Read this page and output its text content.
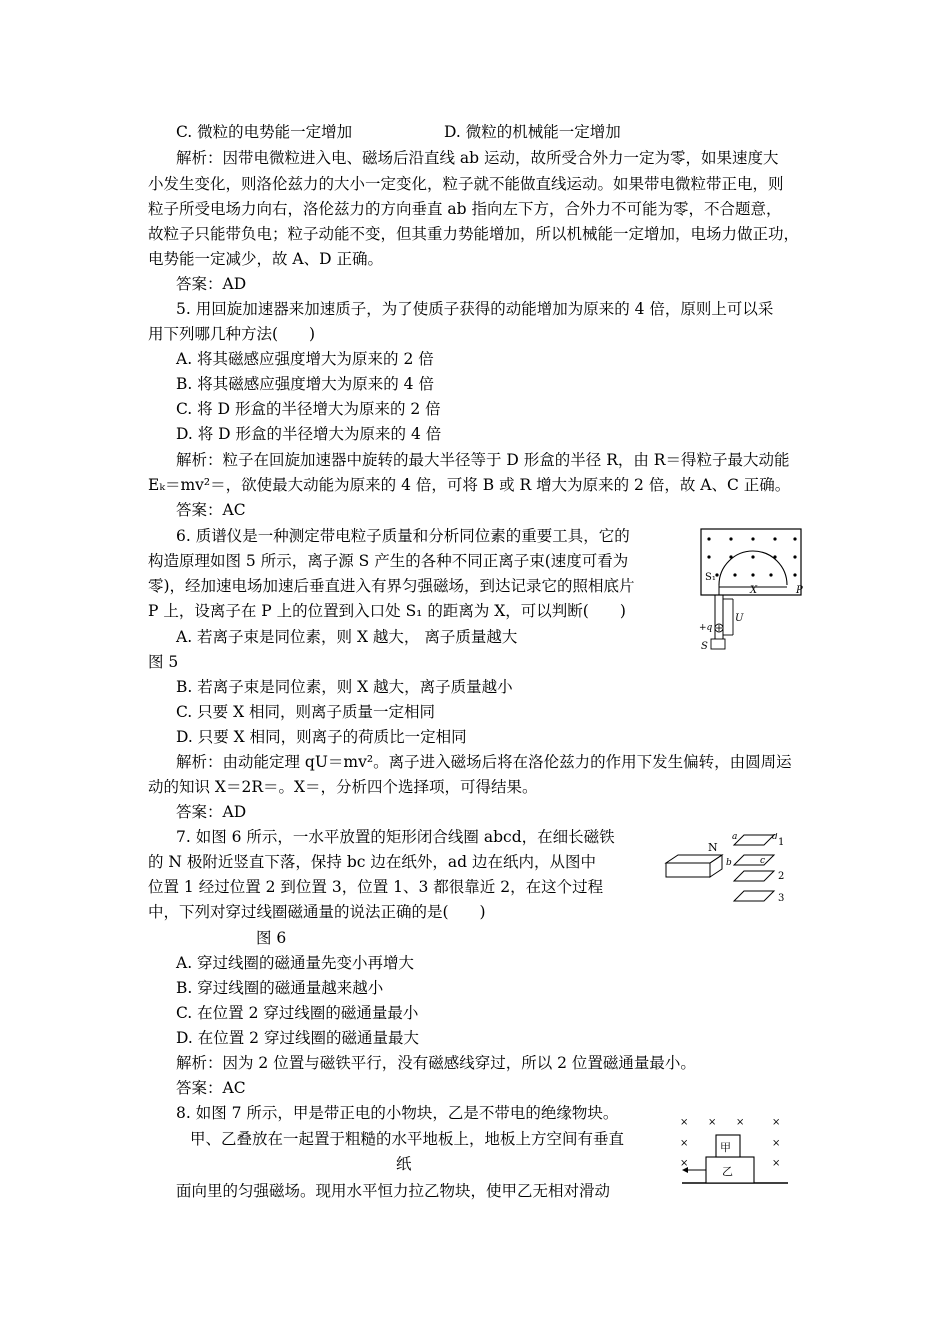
C. 微粒的电势能一定增加	D. 微粒的机械能一定增加
解析：因带电微粒进入电、磁场后沿直线 ab 运动，故所受合外力一定为零，如果速度大
小发生变化，则洛伦兹力的大小一定变化，粒子就不能做直线运动。如果带电微粒带正电，则
粒子所受电场力向右，洛伦兹力的方向垂直 ab 指向左下方，合外力不可能为零，不合题意，
故粒子只能带负电；粒子动能不变，但其重力势能增加，所以机械能一定增加，电场力做正功，
电势能一定减少，故 A、D 正确。
答案：AD
5. 用回旋加速器来加速质子，为了使质子获得的动能增加为原来的 4 倍，原则上可以采
用下列哪几种方法(　　)
A. 将其磁感应强度增大为原来的 2 倍
B. 将其磁感应强度增大为原来的 4 倍
C. 将 D 形盒的半径增大为原来的 2 倍
D. 将 D 形盒的半径增大为原来的 4 倍
解析：粒子在回旋加速器中旋转的最大半径等于 D 形盒的半径 R，由 R＝得粒子最大动能
Eₖ＝mv²＝，欲使最大动能为原来的 4 倍，可将 B 或 R 增大为原来的 2 倍，故 A、C 正确。
答案：AC
6. 质谱仪是一种测定带电粒子质量和分析同位素的重要工具，它的
构造原理如图 5 所示，离子源 S 产生的各种不同正离子束(速度可看为
零)，经加速电场加速后垂直进入有界匀强磁场，到达记录它的照相底片
P 上，设离子在 P 上的位置到入口处 S₁ 的距离为 X，可以判断(　　)
A. 若离子束是同位素，则 X 越大， 离子质量越大
图 5
B. 若离子束是同位素，则 X 越大，离子质量越小
C. 只要 X 相同，则离子质量一定相同
D. 只要 X 相同，则离子的荷质比一定相同
解析：由动能定理 qU＝mv²。离子进入磁场后将在洛伦兹力的作用下发生偏转，由圆周运
动的知识 X＝2R＝。X＝，分析四个选择项，可得结果。
答案：AD
7. 如图 6 所示，一水平放置的矩形闭合线圈 abcd，在细长磁铁
的 N 极附近竖直下落，保持 bc 边在纸外，ad 边在纸内，从图中
位置 1 经过位置 2 到位置 3，位置 1、3 都很靠近 2，在这个过程
中，下列对穿过线圈磁通量的说法正确的是(　　)
图 6
A. 穿过线圈的磁通量先变小再增大
B. 穿过线圈的磁通量越来越小
C. 在位置 2 穿过线圈的磁通量最小
D. 在位置 2 穿过线圈的磁通量最大
解析：因为 2 位置与磁铁平行，没有磁感线穿过，所以 2 位置磁通量最小。
答案：AC
8. 如图 7 所示，甲是带正电的小物块，乙是不带电的绝缘物块。
甲、乙叠放在一起置于粗糙的水平地板上，地板上方空间有垂直
纸
面向里的匀强磁场。现用水平恒力拉乙物块，使甲乙无相对滑动
S₁
X	P
U
+q
S
N
a	d
b	c
1
2
3
× × ×	×
×	×
×	×
乙
甲
